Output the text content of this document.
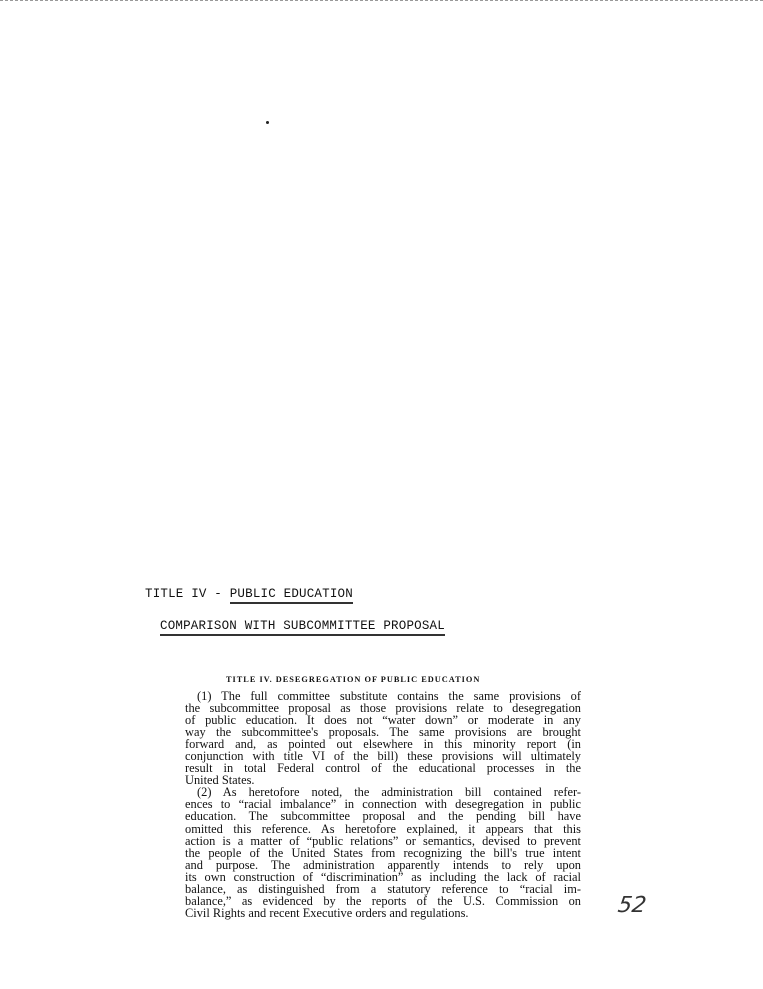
TITLE IV - PUBLIC EDUCATION
COMPARISON WITH SUBCOMMITTEE PROPOSAL
TITLE IV. DESEGREGATION OF PUBLIC EDUCATION
(1) The full committee substitute contains the same provisions of
the subcommittee proposal as those provisions relate to desegregation
of public education. It does not “water down” or moderate in any
way the subcommittee's proposals. The same provisions are brought
forward and, as pointed out elsewhere in this minority report (in
conjunction with title VI of the bill) these provisions will ultimately
result in total Federal control of the educational processes in the
United States.
(2) As heretofore noted, the administration bill contained refer-
ences to “racial imbalance” in connection with desegregation in public
education. The subcommittee proposal and the pending bill have
omitted this reference. As heretofore explained, it appears that this
action is a matter of “public relations” or semantics, devised to prevent
the people of the United States from recognizing the bill's true intent
and purpose. The administration apparently intends to rely upon
its own construction of “discrimination” as including the lack of racial
balance, as distinguished from a statutory reference to “racial im-
balance,” as evidenced by the reports of the U.S. Commission on
Civil Rights and recent Executive orders and regulations.	52
